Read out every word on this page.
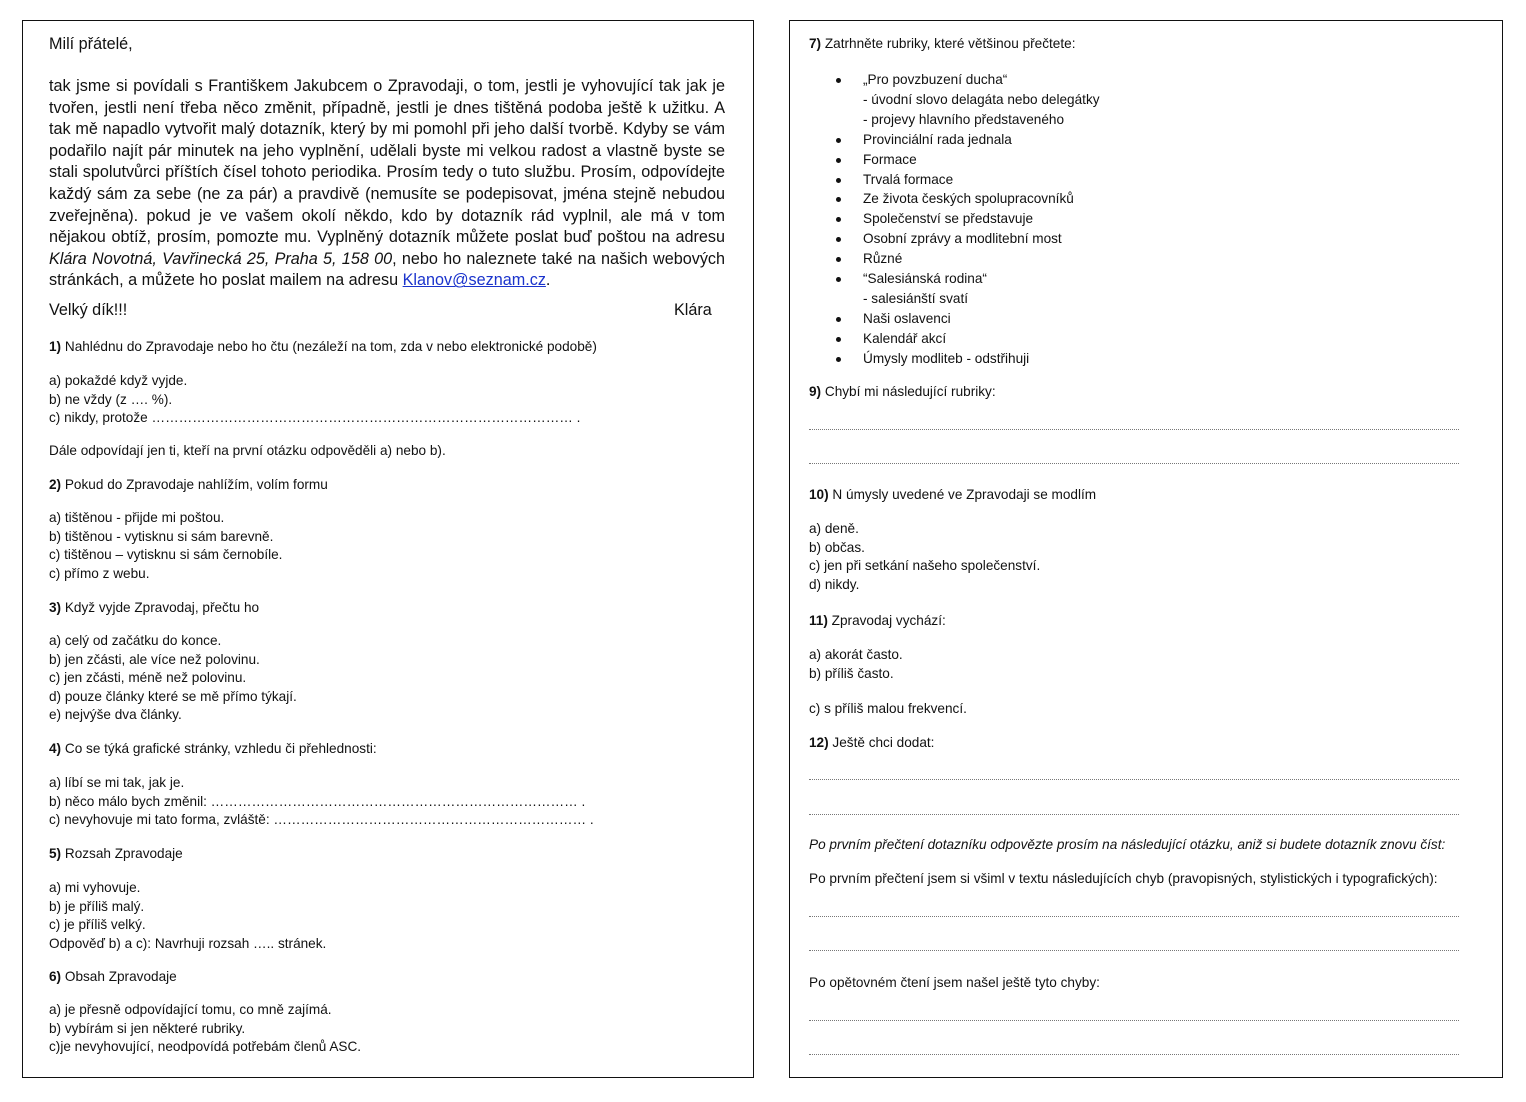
Milí přátelé,
tak jsme si povídali s Františkem Jakubcem o Zpravodaji, o tom, jestli je vyhovující tak jak je tvořen, jestli není třeba něco změnit, případně, jestli je dnes tištěná podoba ještě k užitku. A tak mě napadlo vytvořit malý dotazník, který by mi pomohl při jeho další tvorbě. Kdyby se vám podařilo najít pár minutek na jeho vyplnění, udělali byste mi velkou radost a vlastně byste se stali spolutvůrci příštích čísel tohoto periodika. Prosím tedy o tuto službu. Prosím, odpovídejte každý sám za sebe (ne za pár) a pravdivě (nemusíte se podepisovat, jména stejně nebudou zveřejněna). pokud je ve vašem okolí někdo, kdo by dotazník rád vyplnil, ale má v tom nějakou obtíž, prosím, pomozte mu. Vyplněný dotazník můžete poslat buď poštou na adresu Klára Novotná, Vavřinecká 25, Praha 5, 158 00, nebo ho naleznete také na našich webových stránkách, a můžete ho poslat mailem na adresu Klanov@seznam.cz.
Velký dík!!!	Klára
1) Nahlédnu do Zpravodaje nebo ho čtu (nezáleží na tom, zda v nebo elektronické podobě)
a) pokaždé když vyjde.
b) ne vždy (z …. %).
c) nikdy, protože ………………………………………………………………………………… .
Dále odpovídají jen ti, kteří na první otázku odpověděli a) nebo b).
2) Pokud do Zpravodaje nahlížím, volím formu
a) tištěnou - přijde mi poštou.
b) tištěnou - vytisknu si sám barevně.
c) tištěnou – vytisknu si sám černobíle.
c) přímo z webu.
3) Když vyjde Zpravodaj, přečtu ho
a) celý od začátku do konce.
b) jen zčásti, ale více než polovinu.
c) jen zčásti, méně než polovinu.
d) pouze články které se mě přímo týkají.
e) nejvýše dva články.
4) Co se týká grafické stránky, vzhledu či přehlednosti:
a) líbí se mi tak, jak je.
b) něco málo bych změnil: ……………………………………………………………………… .
c) nevyhovuje mi tato forma, zvláště: …………………………………………………………… .
5) Rozsah Zpravodaje
a) mi vyhovuje.
b) je příliš malý.
c) je příliš velký.
Odpověď b) a c): Navrhuji rozsah ….. stránek.
6) Obsah Zpravodaje
a) je přesně odpovídající tomu, co mně zajímá.
b) vybírám si jen některé rubriky.
c)je nevyhovující, neodpovídá potřebám členů ASC.
7) Zatrhněte rubriky, které většinou přečtete:
„Pro povzbuzení ducha“
- úvodní slovo delagáta nebo delegátky
- projevy hlavního představeného
Provinciální rada jednala
Formace
Trvalá formace
Ze života českých spolupracovníků
Společenství se představuje
Osobní zprávy a modlitební most
Různé
“Salesiánská rodina“
- salesiánští svatí
Naši oslavenci
Kalendář akcí
Úmysly modliteb - odstřihuji
9) Chybí mi následující rubriky:
10) N úmysly uvedené ve Zpravodaji se modlím
a) deně.
b) občas.
c) jen při setkání našeho společenství.
d) nikdy.
11) Zpravodaj vychází:
a) akorát často.
b) příliš často.
c) s příliš malou frekvencí.
12) Ještě chci dodat:
Po prvním přečtení dotazníku odpovězte prosím na následující otázku, aniž si budete dotazník znovu číst:
Po prvním přečtení jsem si všiml v textu následujících chyb (pravopisných, stylistických i typografických):
Po opětovném čtení jsem našel ještě tyto chyby:
